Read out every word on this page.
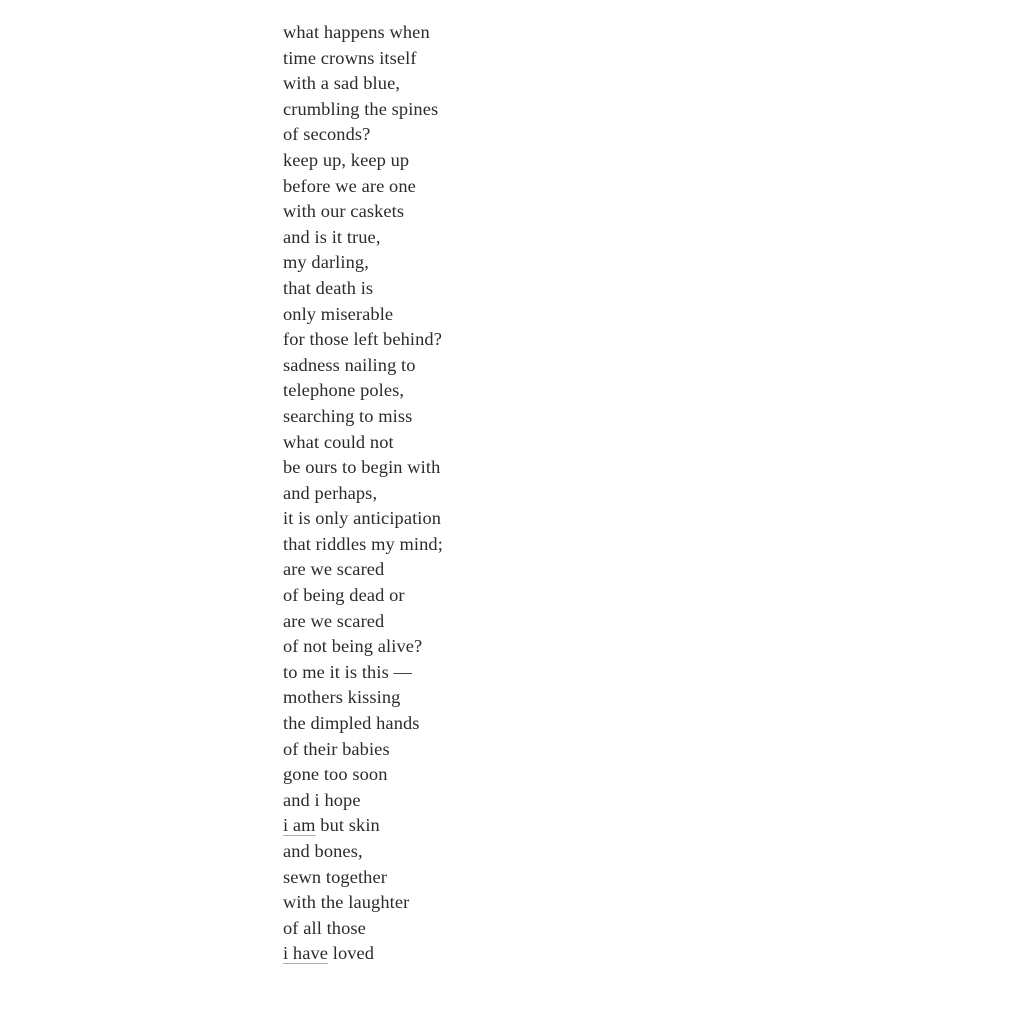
what happens when
time crowns itself
with a sad blue,
crumbling the spines
of seconds?
keep up, keep up
before we are one
with our caskets
and is it true,
my darling,
that death is
only miserable
for those left behind?
sadness nailing to
telephone poles,
searching to miss
what could not
be ours to begin with
and perhaps,
it is only anticipation
that riddles my mind;
are we scared
of being dead or
are we scared
of not being alive?
to me it is this —
mothers kissing
the dimpled hands
of their babies
gone too soon
and i hope
i am but skin
and bones,
sewn together
with the laughter
of all those
i have loved
